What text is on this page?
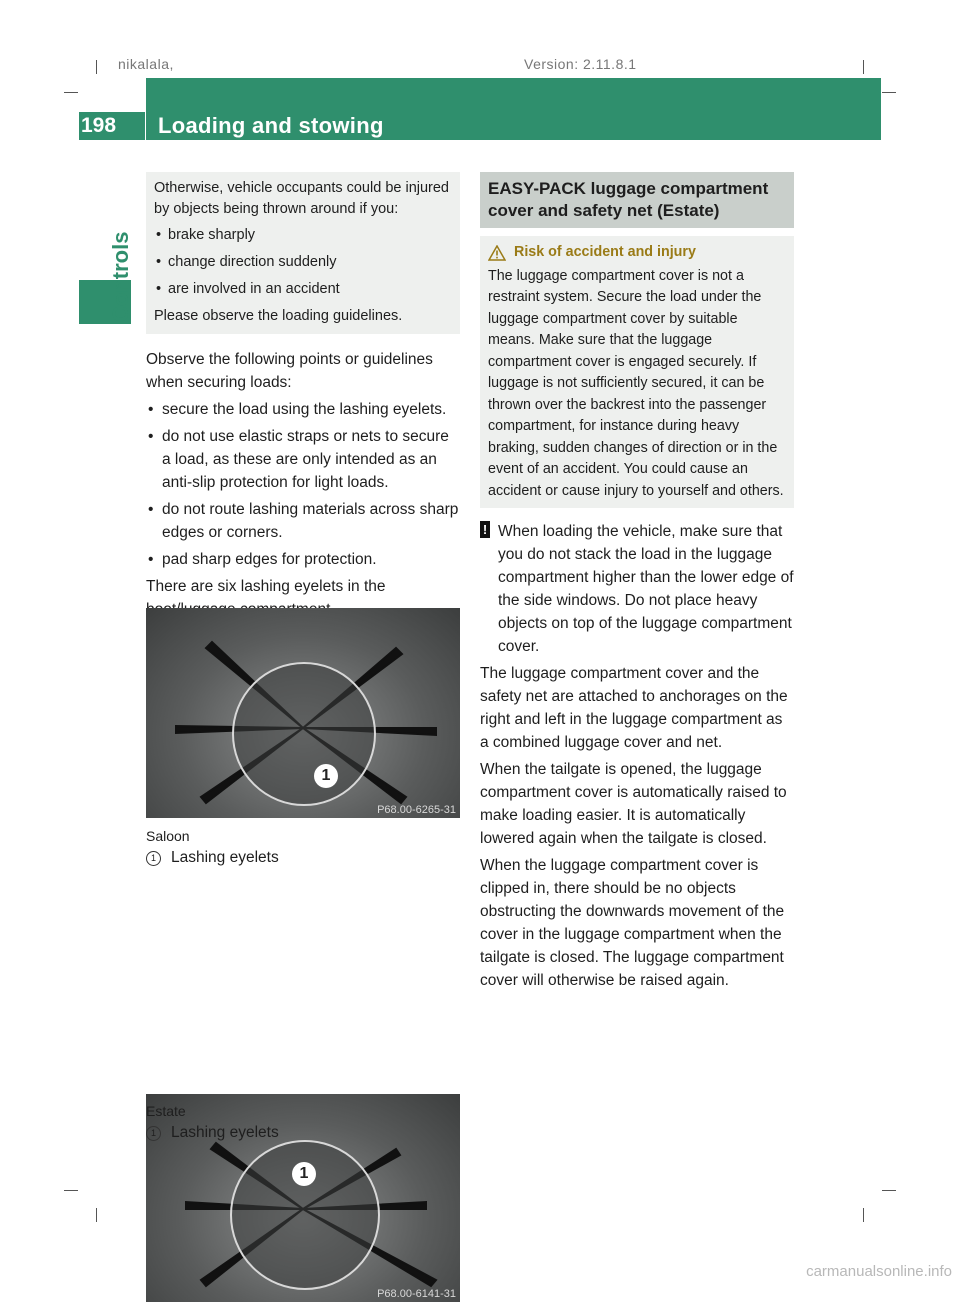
nikalala,	Version: 2.11.8.1
198	Loading and stowing
Controls

Otherwise, vehicle occupants could be injured by objects being thrown around if you:

• brake sharply

• change direction suddenly

• are involved in an accident

Please observe the loading guidelines.

Observe the following points or guidelines when securing loads:

• secure the load using the lashing eyelets.

• do not use elastic straps or nets to secure a load, as these are only intended as an anti-slip protection for light loads.

• do not route lashing materials across sharp edges or corners.

• pad sharp edges for protection.

There are six lashing eyelets in the

1
P68.00-6265-31
Saloon
1 Lashing eyelets
1
P68.00-6141-31
Estate
1 Lashing eyelets
EASY-PACK luggage compartment cover and safety net (Estate)
Risk of accident and injury

The luggage compartment cover is not a restraint system. Secure the load under the luggage compartment cover by suitable means. Make sure that the luggage compartment cover is engaged securely. If luggage is not sufficiently secured, it can be thrown over the backrest into the passenger compartment, for instance during heavy braking, sudden changes of direction or in the event of an accident. You could cause an accident or cause injury to yourself and others.

! When loading the vehicle, make sure that you do not stack the load in the luggage compartment higher than the lower edge of the side windows. Do not place heavy objects on top of the luggage compartment cover.

The luggage compartment cover and the safety net are attached to anchorages on the right and left in the luggage compartment as a combined luggage cover and net.

When the tailgate is opened, the luggage compartment cover is automatically raised to make loading easier. It is automatically lowered again when the tailgate is closed.

When the luggage compartment cover is clipped in, there should be no objects obstructing the downwards movement of the cover in the luggage compartment when the tailgate is closed. The luggage compartment cover will otherwise be raised again.

carmanualsonline.info
